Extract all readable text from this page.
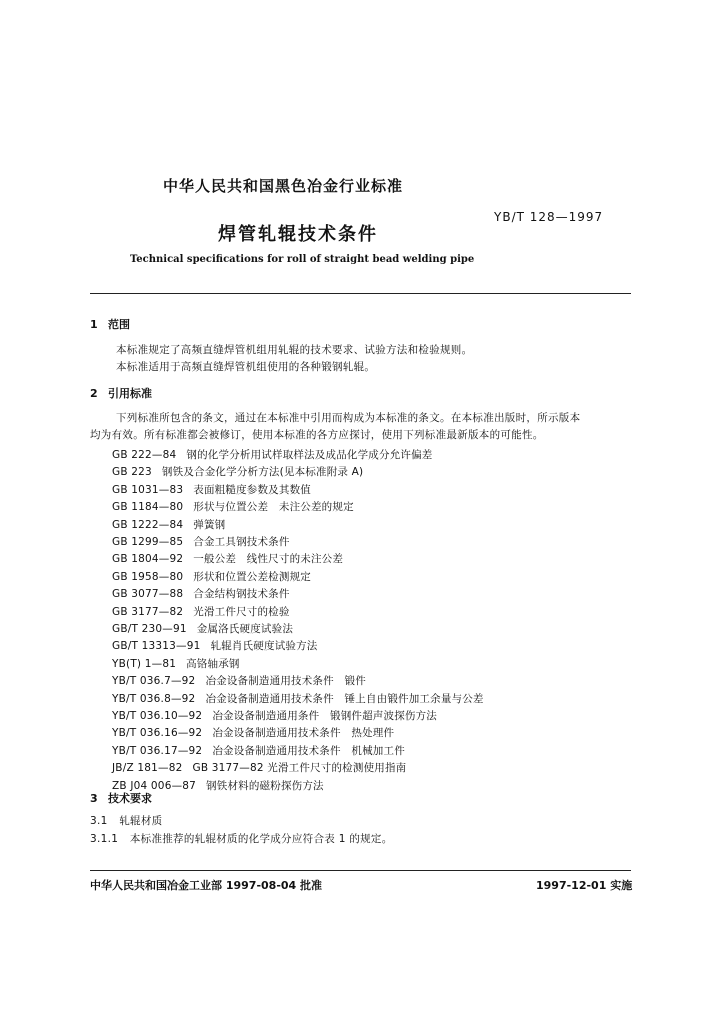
中华人民共和国黑色冶金行业标准
YB/T 128—1997
焊管轧辊技术条件
Technical specifications for roll of straight bead welding pipe
1 范围
本标准规定了高频直缝焊管机组用轧辊的技术要求、试验方法和检验规则。
本标准适用于高频直缝焊管机组使用的各种锻钢轧辊。
2 引用标准
下列标准所包含的条文，通过在本标准中引用而构成为本标准的条文。在本标准出版时，所示版本
均为有效。所有标准都会被修订，使用本标准的各方应探讨，使用下列标准最新版本的可能性。
GB 222—84 钢的化学分析用试样取样法及成品化学成分允许偏差
GB 223 钢铁及合金化学分析方法(见本标准附录 A)
GB 1031—83 表面粗糙度参数及其数值
GB 1184—80 形状与位置公差　未注公差的规定
GB 1222—84 弹簧钢
GB 1299—85 合金工具钢技术条件
GB 1804—92 一般公差　线性尺寸的未注公差
GB 1958—80 形状和位置公差检测规定
GB 3077—88 合金结构钢技术条件
GB 3177—82 光滑工件尺寸的检验
GB/T 230—91 金属洛氏硬度试验法
GB/T 13313—91 轧辊肖氏硬度试验方法
YB(T) 1—81 高铬轴承钢
YB/T 036.7—92 冶金设备制造通用技术条件　锻件
YB/T 036.8—92 冶金设备制造通用技术条件　锤上自由锻件加工余量与公差
YB/T 036.10—92 冶金设备制造通用条件　锻钢件超声波探伤方法
YB/T 036.16—92 冶金设备制造通用技术条件　热处理件
YB/T 036.17—92 冶金设备制造通用技术条件　机械加工件
JB/Z 181—82 GB 3177—82 光滑工件尺寸的检测使用指南
ZB J04 006—87 钢铁材料的磁粉探伤方法
3 技术要求
3.1 轧辊材质
3.1.1 本标准推荐的轧辊材质的化学成分应符合表 1 的规定。
中华人民共和国冶金工业部 1997-08-04 批准	1997-12-01 实施
